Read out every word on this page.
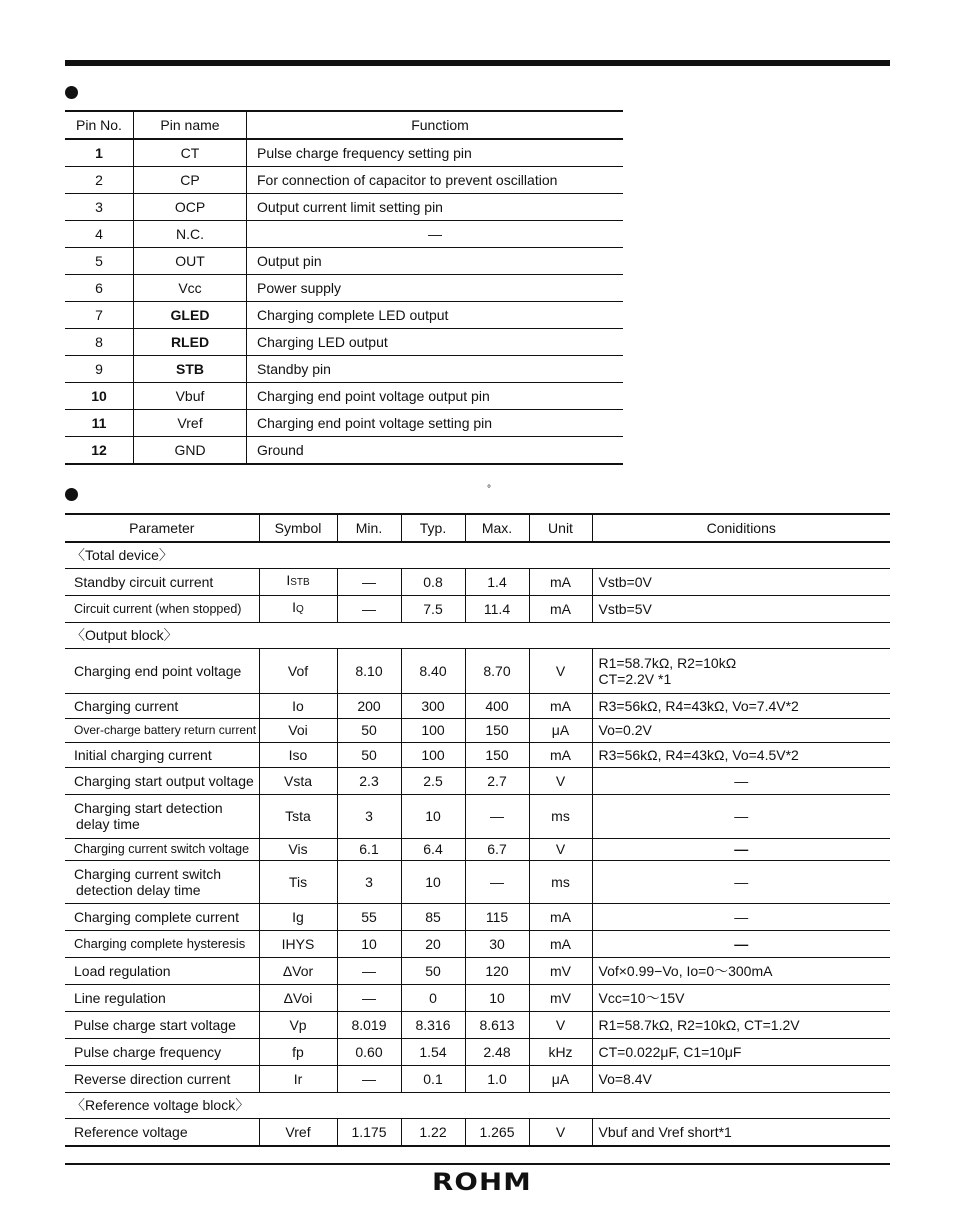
Pin No.	Pin name	Functiom
1	CT	Pulse charge frequency setting pin
2	CP	For connection of capacitor to prevent oscillation
3	OCP	Output current limit setting pin
4	N.C.	—
5	OUT	Output pin
6	Vcc	Power supply
7	GLED	Charging complete LED output
8	RLED	Charging LED output
9	STB	Standby pin
10	Vbuf	Charging end point voltage output pin
11	Vref	Charging end point voltage setting pin
12	GND	Ground
°
Parameter	Symbol	Min.	Typ.	Max.	Unit	Coniditions
〈Total device〉						
Standby circuit current	ISTB	—	0.8	1.4	mA	Vstb=0V
Circuit current (when stopped)	IQ	—	7.5	11.4	mA	Vstb=5V
〈Output block〉						
Charging end point voltage	Vof	8.10	8.40	8.70	V	R1=58.7kΩ, R2=10kΩ
CT=2.2V *1

Charging current	Io	200	300	400	mA	R3=56kΩ, R4=43kΩ, Vo=7.4V*2
Over-charge battery return current	Voi	50	100	150	μA	Vo=0.2V
Initial charging current	Iso	50	100	150	mA	R3=56kΩ, R4=43kΩ, Vo=4.5V*2
Charging start output voltage	Vsta	2.3	2.5	2.7	V	—

Charging start detection
delay time	Tsta	3	10	—	ms	—
Charging current switch voltage	Vis	6.1	6.4	6.7	V	—

Charging current switch
detection delay time	Tis	3	10	—	ms	—
Charging complete current	Ig	55	85	115	mA	—
Charging complete hysteresis	IHYS	10	20	30	mA	—
Load regulation	ΔVor	—	50	120	mV	Vof×0.99−Vo, Io=0〜300mA
Line regulation	ΔVoi	—	0	10	mV	Vcc=10〜15V
Pulse charge start voltage	Vp	8.019	8.316	8.613	V	R1=58.7kΩ, R2=10kΩ, CT=1.2V
Pulse charge frequency	fp	0.60	1.54	2.48	kHz	CT=0.022μF, C1=10μF
Reverse direction current	Ir	—	0.1	1.0	μA	Vo=8.4V
〈Reference voltage block〉						
Reference voltage	Vref	1.175	1.22	1.265	V	Vbuf and Vref short*1
ROHM
